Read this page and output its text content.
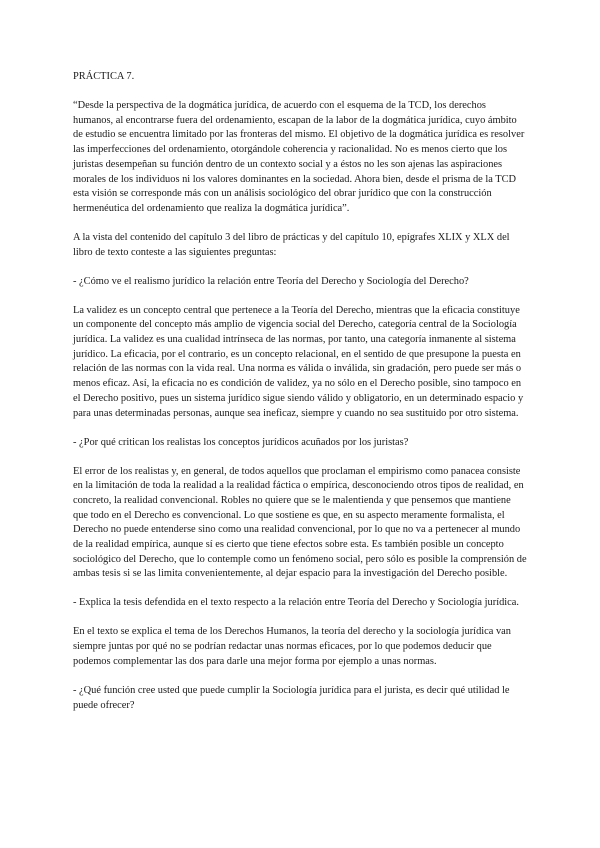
PRÁCTICA 7.

“Desde la perspectiva de la dogmática jurídica, de acuerdo con el esquema de la TCD, los derechos humanos, al encontrarse fuera del ordenamiento, escapan de la labor de la dogmática jurídica, cuyo ámbito de estudio se encuentra limitado por las fronteras del mismo. El objetivo de la dogmática jurídica es resolver las imperfecciones del ordenamiento, otorgándole coherencia y racionalidad. No es menos cierto que los juristas desempeñan su función dentro de un contexto social y a éstos no les son ajenas las aspiraciones morales de los individuos ni los valores dominantes en la sociedad. Ahora bien, desde el prisma de la TCD esta visión se corresponde más con un análisis sociológico del obrar jurídico que con la construcción hermenéutica del ordenamiento que realiza la dogmática jurídica”.

A la vista del contenido del capítulo 3 del libro de prácticas y del capítulo 10, epígrafes XLIX y XLX del libro de texto conteste a las siguientes preguntas:

- ¿Cómo ve el realismo jurídico la relación entre Teoría del Derecho y Sociología del Derecho?

La validez es un concepto central que pertenece a la Teoría del Derecho, mientras que la eficacia constituye un componente del concepto más amplio de vigencia social del Derecho, categoría central de la Sociología jurídica. La validez es una cualidad intrínseca de las normas, por tanto, una categoría inmanente al sistema jurídico. La eficacia, por el contrario, es un concepto relacional, en el sentido de que presupone la puesta en relación de las normas con la vida real. Una norma es válida o inválida, sin gradación, pero puede ser más o menos eficaz. Así, la eficacia no es condición de validez, ya no sólo en el Derecho posible, sino tampoco en el Derecho positivo, pues un sistema jurídico sigue siendo válido y obligatorio, en un determinado espacio y para unas determinadas personas, aunque sea ineficaz, siempre y cuando no sea sustituido por otro sistema.

- ¿Por qué critican los realistas los conceptos jurídicos acuñados por los juristas?

El error de los realistas y, en general, de todos aquellos que proclaman el empirismo como panacea consiste en la limitación de toda la realidad a la realidad fáctica o empírica, desconociendo otros tipos de realidad, en concreto, la realidad convencional. Robles no quiere que se le malentienda y que pensemos que mantiene que todo en el Derecho es convencional. Lo que sostiene es que, en su aspecto meramente formalista, el Derecho no puede entenderse sino como una realidad convencional, por lo que no va a pertenecer al mundo de la realidad empírica, aunque sí es cierto que tiene efectos sobre esta. Es también posible un concepto sociológico del Derecho, que lo contemple como un fenómeno social, pero sólo es posible la comprensión de ambas tesis si se las limita convenientemente, al dejar espacio para la investigación del Derecho posible.

- Explica la tesis defendida en el texto respecto a la relación entre Teoría del Derecho y Sociología jurídica.

En el texto se explica el tema de los Derechos Humanos, la teoría del derecho y la sociología jurídica van siempre juntas por qué no se podrían redactar unas normas eficaces, por lo que podemos deducir que podemos complementar las dos para darle una mejor forma por ejemplo a unas normas.

- ¿Qué función cree usted que puede cumplir la Sociología jurídica para el jurista, es decir qué utilidad le puede ofrecer?
